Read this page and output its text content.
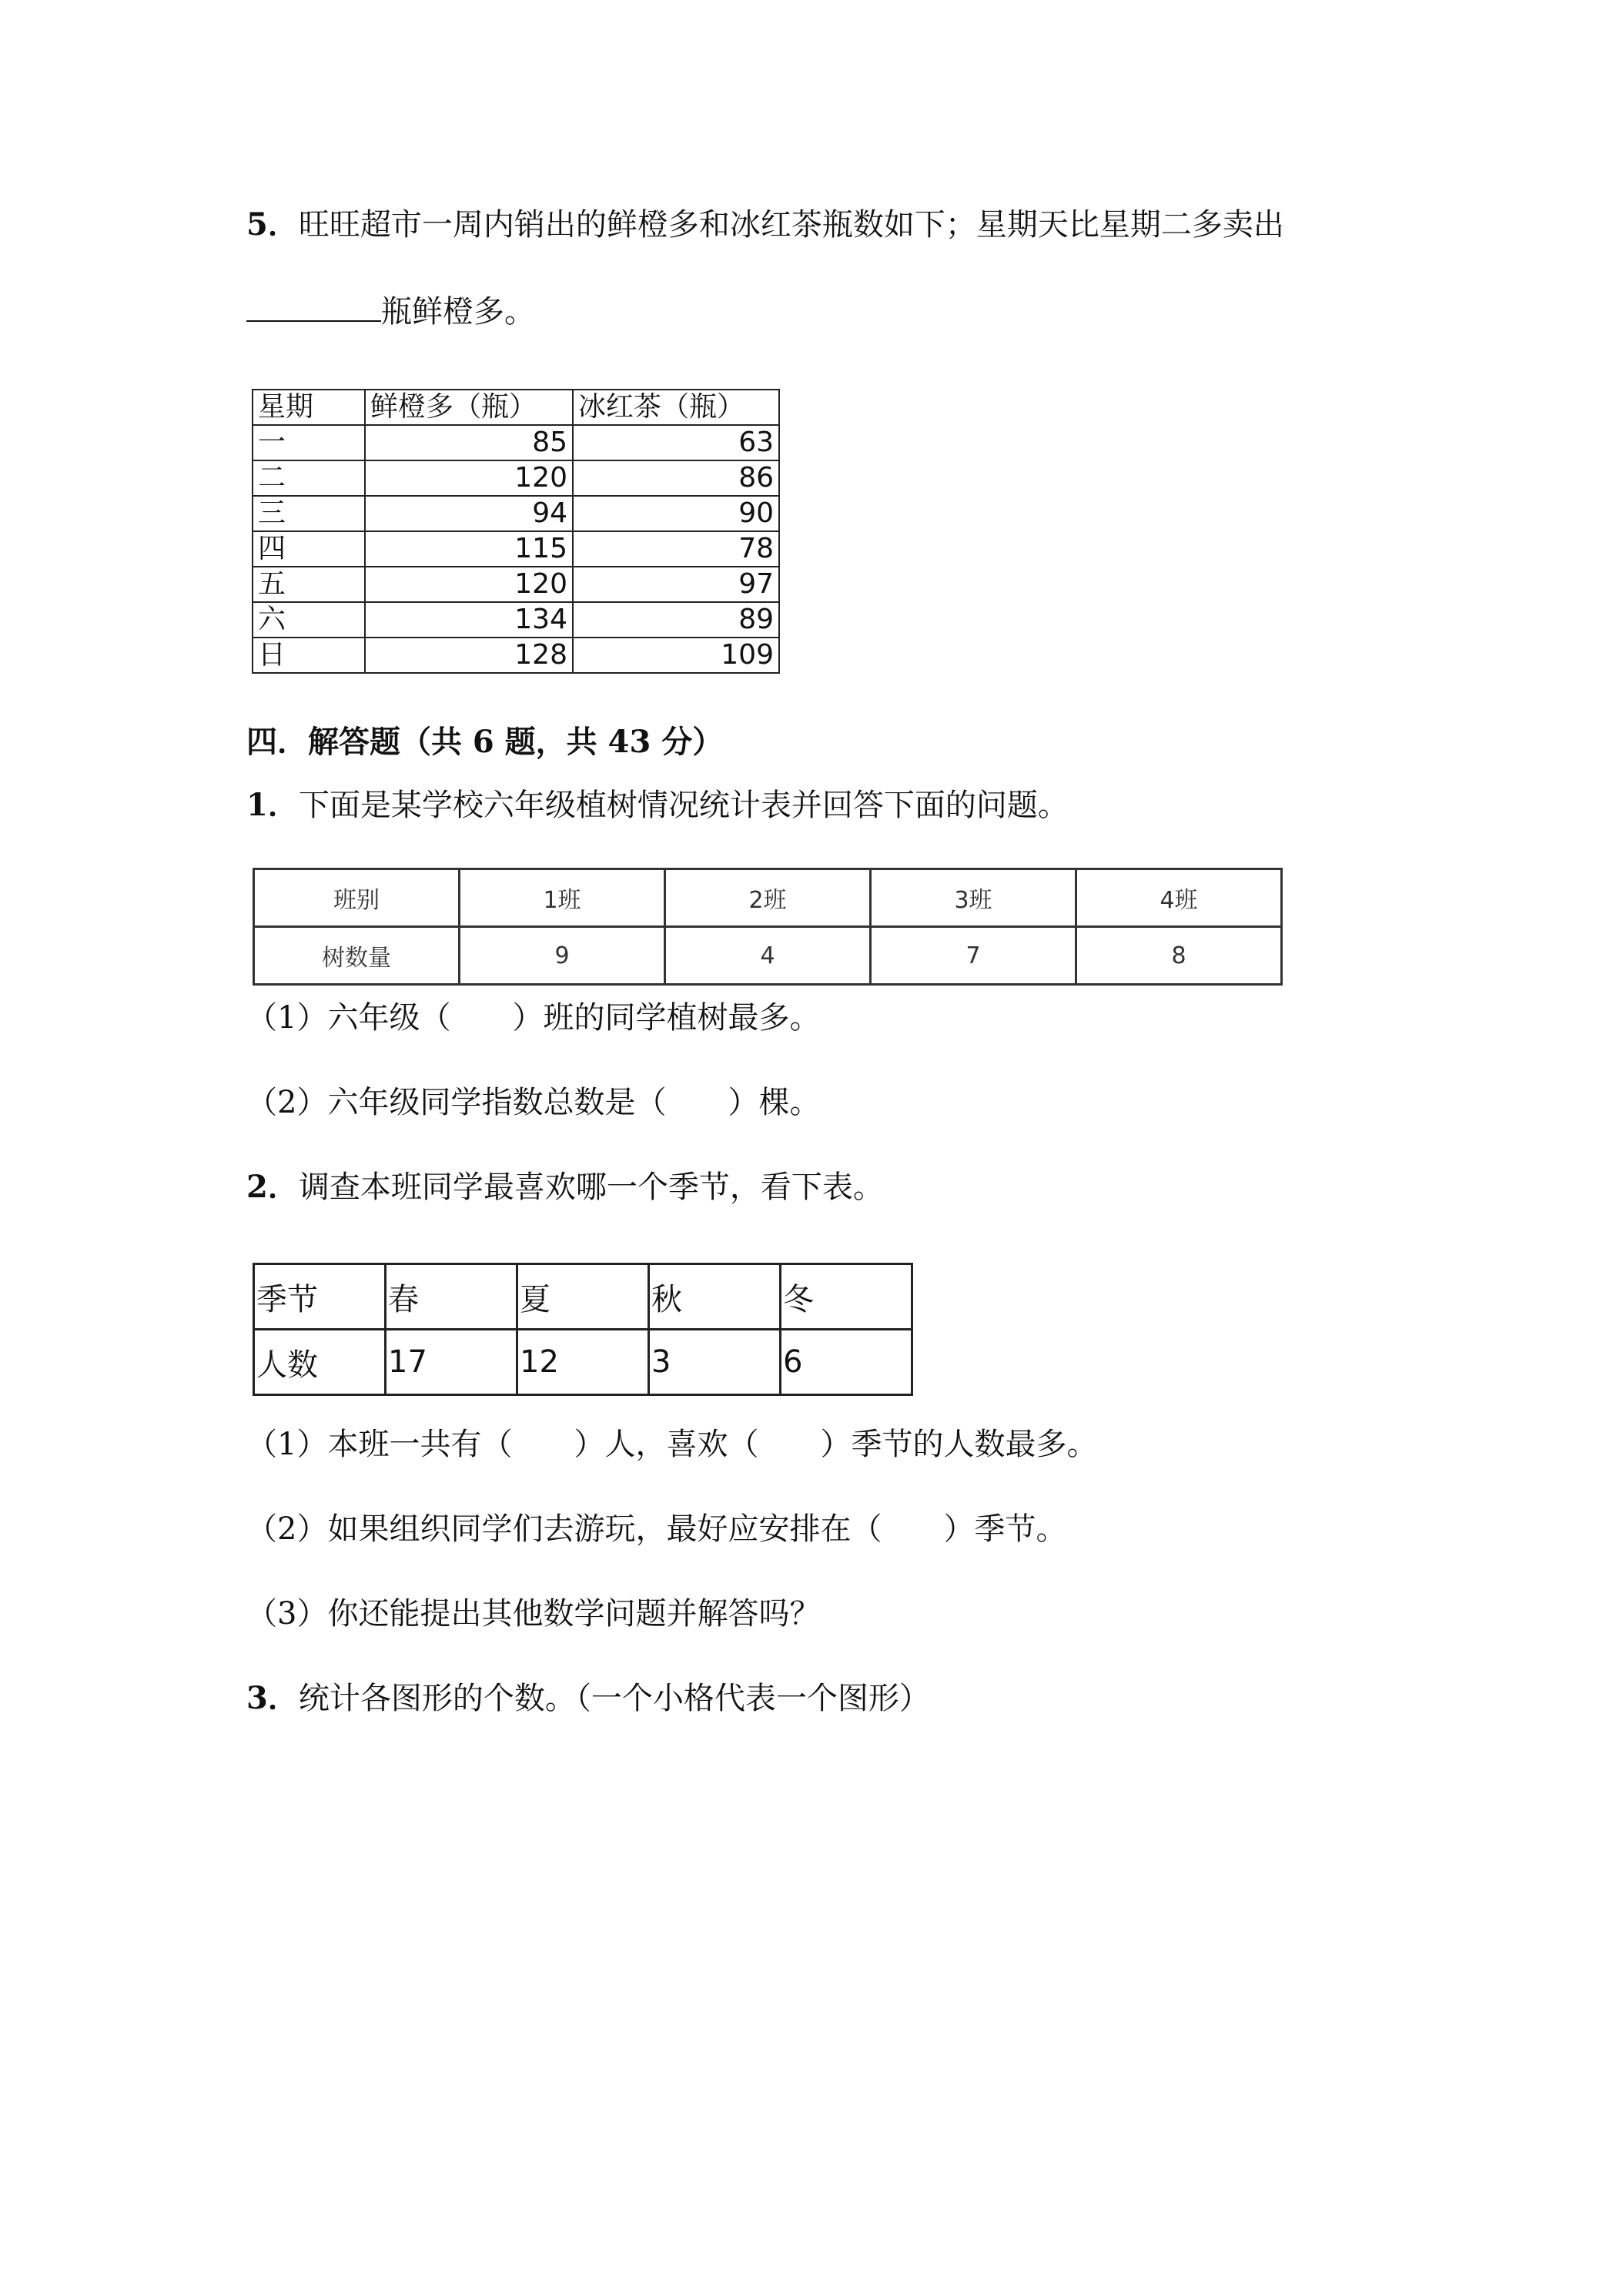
5．旺旺超市一周内销出的鲜橙多和冰红茶瓶数如下；星期天比星期二多卖出
瓶鲜橙多。
星期	鲜橙多（瓶）	冰红茶（瓶）
一	85	63
二	120	86
三	94	90
四	115	78
五	120	97
六	134	89
日	128	109
四．解答题（共 6 题，共 43 分）
1．下面是某学校六年级植树情况统计表并回答下面的问题。
班别	1班	2班	3班	4班
树数量	9	4	7	8
（1）六年级（　　）班的同学植树最多。
（2）六年级同学指数总数是（　　）棵。
2．调查本班同学最喜欢哪一个季节，看下表。
季节	春	夏	秋	冬
人数	17	12	3	6
（1）本班一共有（　　）人，喜欢（　　）季节的人数最多。
（2）如果组织同学们去游玩，最好应安排在（　　）季节。
（3）你还能提出其他数学问题并解答吗？
3．统计各图形的个数。（一个小格代表一个图形）
